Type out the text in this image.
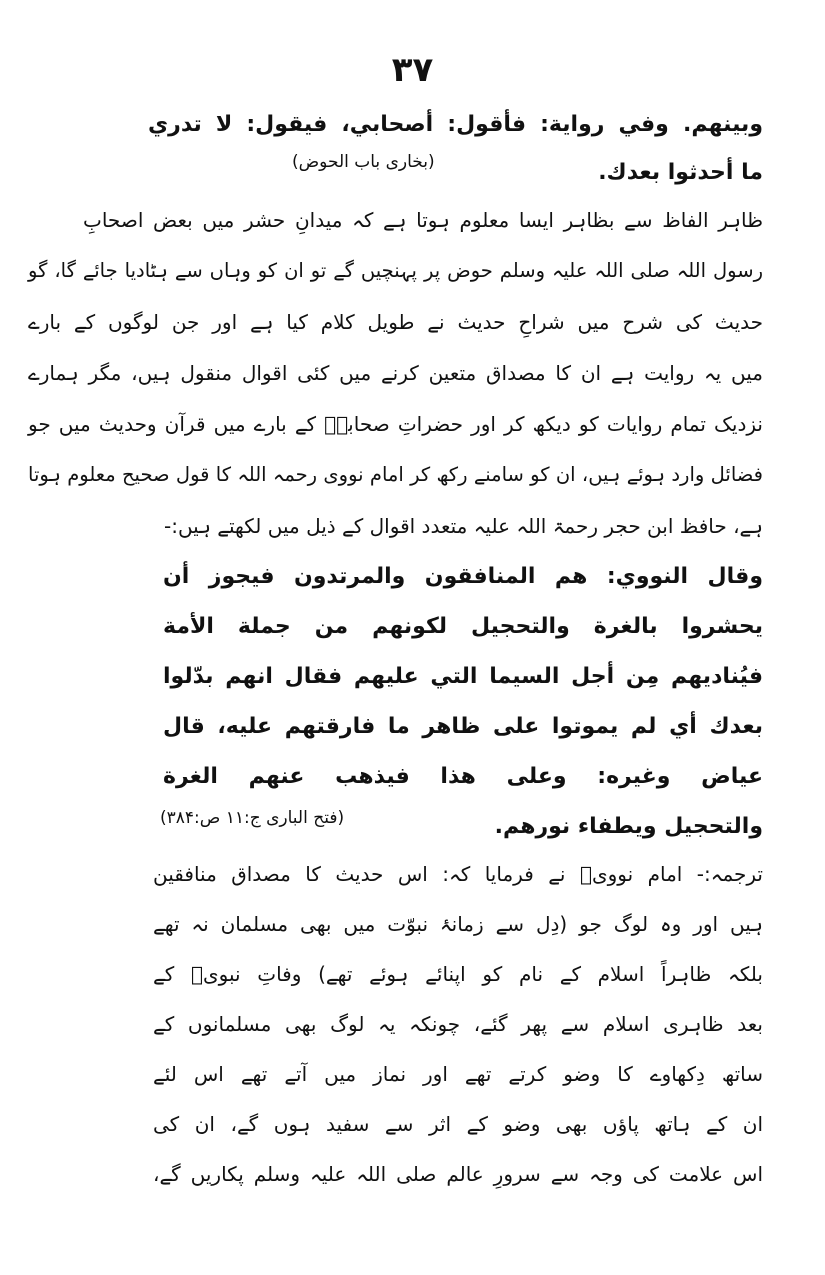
۳۷
وبينهم. وفي رواية: فأقول: أصحابي، فيقول: لا تدري
ما أحدثوا بعدك.
(بخاری باب الحوض)
ظاہر الفاظ سے بظاہر ایسا معلوم ہوتا ہے کہ میدانِ حشر میں بعض اصحابِ
رسول اللہ صلی اللہ علیہ وسلم حوض پر پہنچیں گے تو ان کو وہاں سے ہٹادیا جائے گا، گو
حدیث کی شرح میں شراحِ حدیث نے طویل کلام کیا ہے اور جن لوگوں کے بارے
میں یہ روایت ہے ان کا مصداق متعین کرنے میں کئی اقوال منقول ہیں، مگر ہمارے
نزدیک تمام روایات کو دیکھ کر اور حضراتِ صحابہؓ کے بارے میں قرآن وحدیث میں جو
فضائل وارد ہوئے ہیں، ان کو سامنے رکھ کر امام نووی رحمہ اللہ کا قول صحیح معلوم ہوتا
ہے، حافظ ابن حجر رحمۃ اللہ علیہ متعدد اقوال کے ذیل میں لکھتے ہیں:-
وقال النووي: هم المنافقون والمرتدون فيجوز أن
يحشروا بالغرة والتحجيل لكونهم من جملة الأمة
فيُناديهم مِن أجل السيما التي عليهم فقال انهم بدّلوا
بعدك أي لم يموتوا على ظاهر ما فارقتهم عليه، قال
عياض وغيره: وعلى هذا فيذهب عنهم الغرة
والتحجيل ويطفاء نورهم.
(فتح الباری ج:۱۱ ص:۳۸۴)
ترجمہ:- امام نوویؒ نے فرمایا کہ: اس حدیث کا مصداق منافقین
ہیں اور وہ لوگ جو (دِل سے زمانۂ نبوّت میں بھی مسلمان نہ تھے
بلکہ ظاہراً اسلام کے نام کو اپنائے ہوئے تھے) وفاتِ نبویؐ کے
بعد ظاہری اسلام سے پھر گئے، چونکہ یہ لوگ بھی مسلمانوں کے
ساتھ دِکھاوے کا وضو کرتے تھے اور نماز میں آتے تھے اس لئے
ان کے ہاتھ پاؤں بھی وضو کے اثر سے سفید ہوں گے، ان کی
اس علامت کی وجہ سے سرورِ عالم صلی اللہ علیہ وسلم پکاریں گے،
